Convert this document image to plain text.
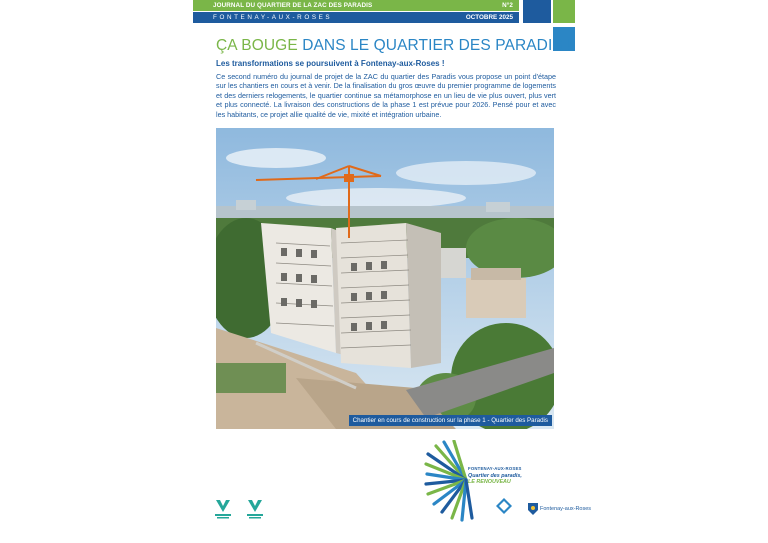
JOURNAL DU QUARTIER DE LA ZAC DES PARADIS	N°2
FONTENAY-AUX-ROSES	OCTOBRE 2025
ÇA BOUGE DANS LE QUARTIER DES PARADIS !
Les transformations se poursuivent à Fontenay-aux-Roses !
Ce second numéro du journal de projet de la ZAC du quartier des Paradis vous propose un point d'étape sur les chantiers en cours et à venir. De la finalisation du gros œuvre du premier programme de logements et des derniers relogements, le quartier continue sa métamorphose en un lieu de vie plus ouvert, plus vert et plus connecté. La livraison des constructions de la phase 1 est prévue pour 2026. Pensé pour et avec les habitants, ce projet allie qualité de vie, mixité et intégration urbaine.
Chantier en cours de construction sur la phase 1 - Quartier des Paradis
FONTENAY-AUX-ROSES
Quartier des paradis,
LE RENOUVEAU
Fontenay-aux-Roses
